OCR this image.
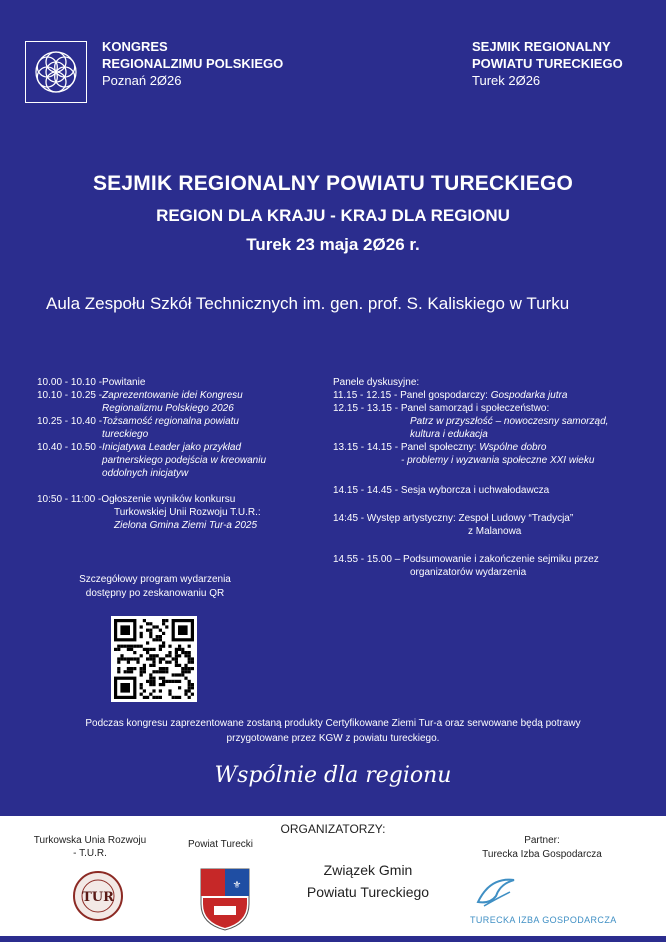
KONGRES
REGIONALZIMU POLSKIEGO
Poznań 2Ø26
SEJMIK REGIONALNY
POWIATU TURECKIEGO
Turek 2Ø26
SEJMIK REGIONALNY POWIATU TURECKIEGO
REGION DLA KRAJU - KRAJ DLA REGIONU
Turek 23 maja 2Ø26 r.
Aula Zespołu Szkół Technicznych im. gen. prof. S. Kaliskiego w Turku
10.00 - 10.10 - Powitanie
10.10 - 10.25 - Zaprezentowanie idei Kongresu Regionalizmu Polskiego 2026
10.25 - 10.40 - Tożsamość regionalna powiatu tureckiego
10.40 - 10.50 - Inicjatywa Leader jako przykład partnerskiego podejścia w kreowaniu oddolnych inicjatyw
10:50 - 11:00 - Ogłoszenie wyników konkursu
Turkowskiej Unii Rozwoju T.U.R.:
Zielona Gmina Ziemi Tur-a 2025
Szczegółowy program wydarzenia
dostępny po zeskanowaniu QR
Panele dyskusyjne:
11.15 - 12.15 - Panel gospodarczy: Gospodarka jutra
12.15 - 13.15 - Panel samorząd i społeczeństwo:
Patrz w przyszłość – nowoczesny samorząd,
kultura i edukacja
13.15 - 14.15 - Panel społeczny: Wspólne dobro
- problemy i wyzwania społeczne XXI wieku
14.15 - 14.45 - Sesja wyborcza i uchwałodawcza
14:45 - Występ artystyczny: Zespoł Ludowy “Tradycja”
z Malanowa
14.55 - 15.00 – Podsumowanie i zakończenie sejmiku przez
organizatorów wydarzenia
Podczas kongresu zaprezentowane zostaną produkty Certyfikowane Ziemi Tur-a oraz serwowane będą potrawy
przygotowane przez KGW z powiatu tureckiego.
Wspólnie dla regionu
ORGANIZATORZY:
Turkowska Unia Rozwoju
- T.U.R.
TUR
Powiat Turecki
⚜
Związek Gmin
Powiatu Tureckiego
Partner:
Turecka Izba Gospodarcza
TURECKA IZBA GOSPODARCZA
